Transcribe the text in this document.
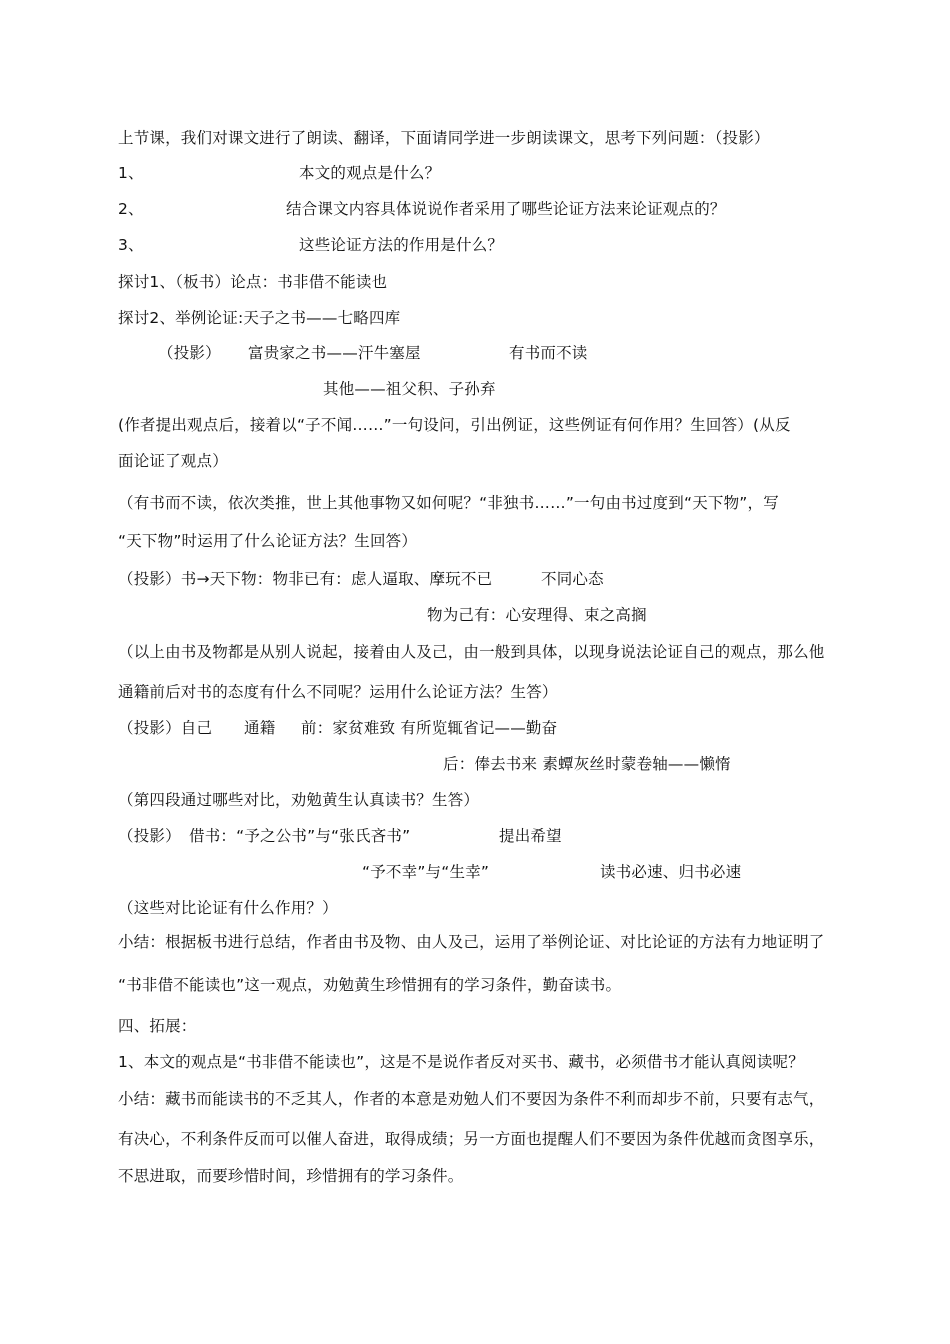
上节课，我们对课文进行了朗读、翻译，下面请同学进一步朗读课文，思考下列问题：（投影）
1、	本文的观点是什么？
2、	结合课文内容具体说说作者采用了哪些论证方法来论证观点的？
3、	这些论证方法的作用是什么？
探讨1、（板书）论点：书非借不能读也
探讨2、举例论证:天子之书——七略四库
（投影） 富贵家之书——汗牛塞屋	有书而不读
其他——祖父积、子孙弃
(作者提出观点后，接着以“子不闻……”一句设问，引出例证，这些例证有何作用？生回答）(从反
面论证了观点）
（有书而不读，依次类推，世上其他事物又如何呢？“非独书……”一句由书过度到“天下物”，写
“天下物”时运用了什么论证方法？生回答）
（投影）书→天下物：物非已有：虑人逼取、摩玩不已	不同心态
物为己有：心安理得、束之高搁
（以上由书及物都是从别人说起，接着由人及己，由一般到具体，以现身说法论证自己的观点，那么他
通籍前后对书的态度有什么不同呢？运用什么论证方法？生答）
（投影）自己 通籍 前：家贫难致 有所览辄省记——勤奋
后：俸去书来 素蟫灰丝时蒙卷轴——懒惰
（第四段通过哪些对比，劝勉黄生认真读书？生答）
（投影） 借书：“予之公书”与“张氏吝书”	提出希望
“予不幸”与“生幸”	读书必速、归书必速
（这些对比论证有什么作用？）
小结：根据板书进行总结，作者由书及物、由人及己，运用了举例论证、对比论证的方法有力地证明了
“书非借不能读也”这一观点，劝勉黄生珍惜拥有的学习条件，勤奋读书。
四、拓展：
1、本文的观点是“书非借不能读也”，这是不是说作者反对买书、藏书，必须借书才能认真阅读呢？
小结：藏书而能读书的不乏其人，作者的本意是劝勉人们不要因为条件不利而却步不前，只要有志气，
有决心，不利条件反而可以催人奋进，取得成绩；另一方面也提醒人们不要因为条件优越而贪图享乐，
不思进取，而要珍惜时间，珍惜拥有的学习条件。
